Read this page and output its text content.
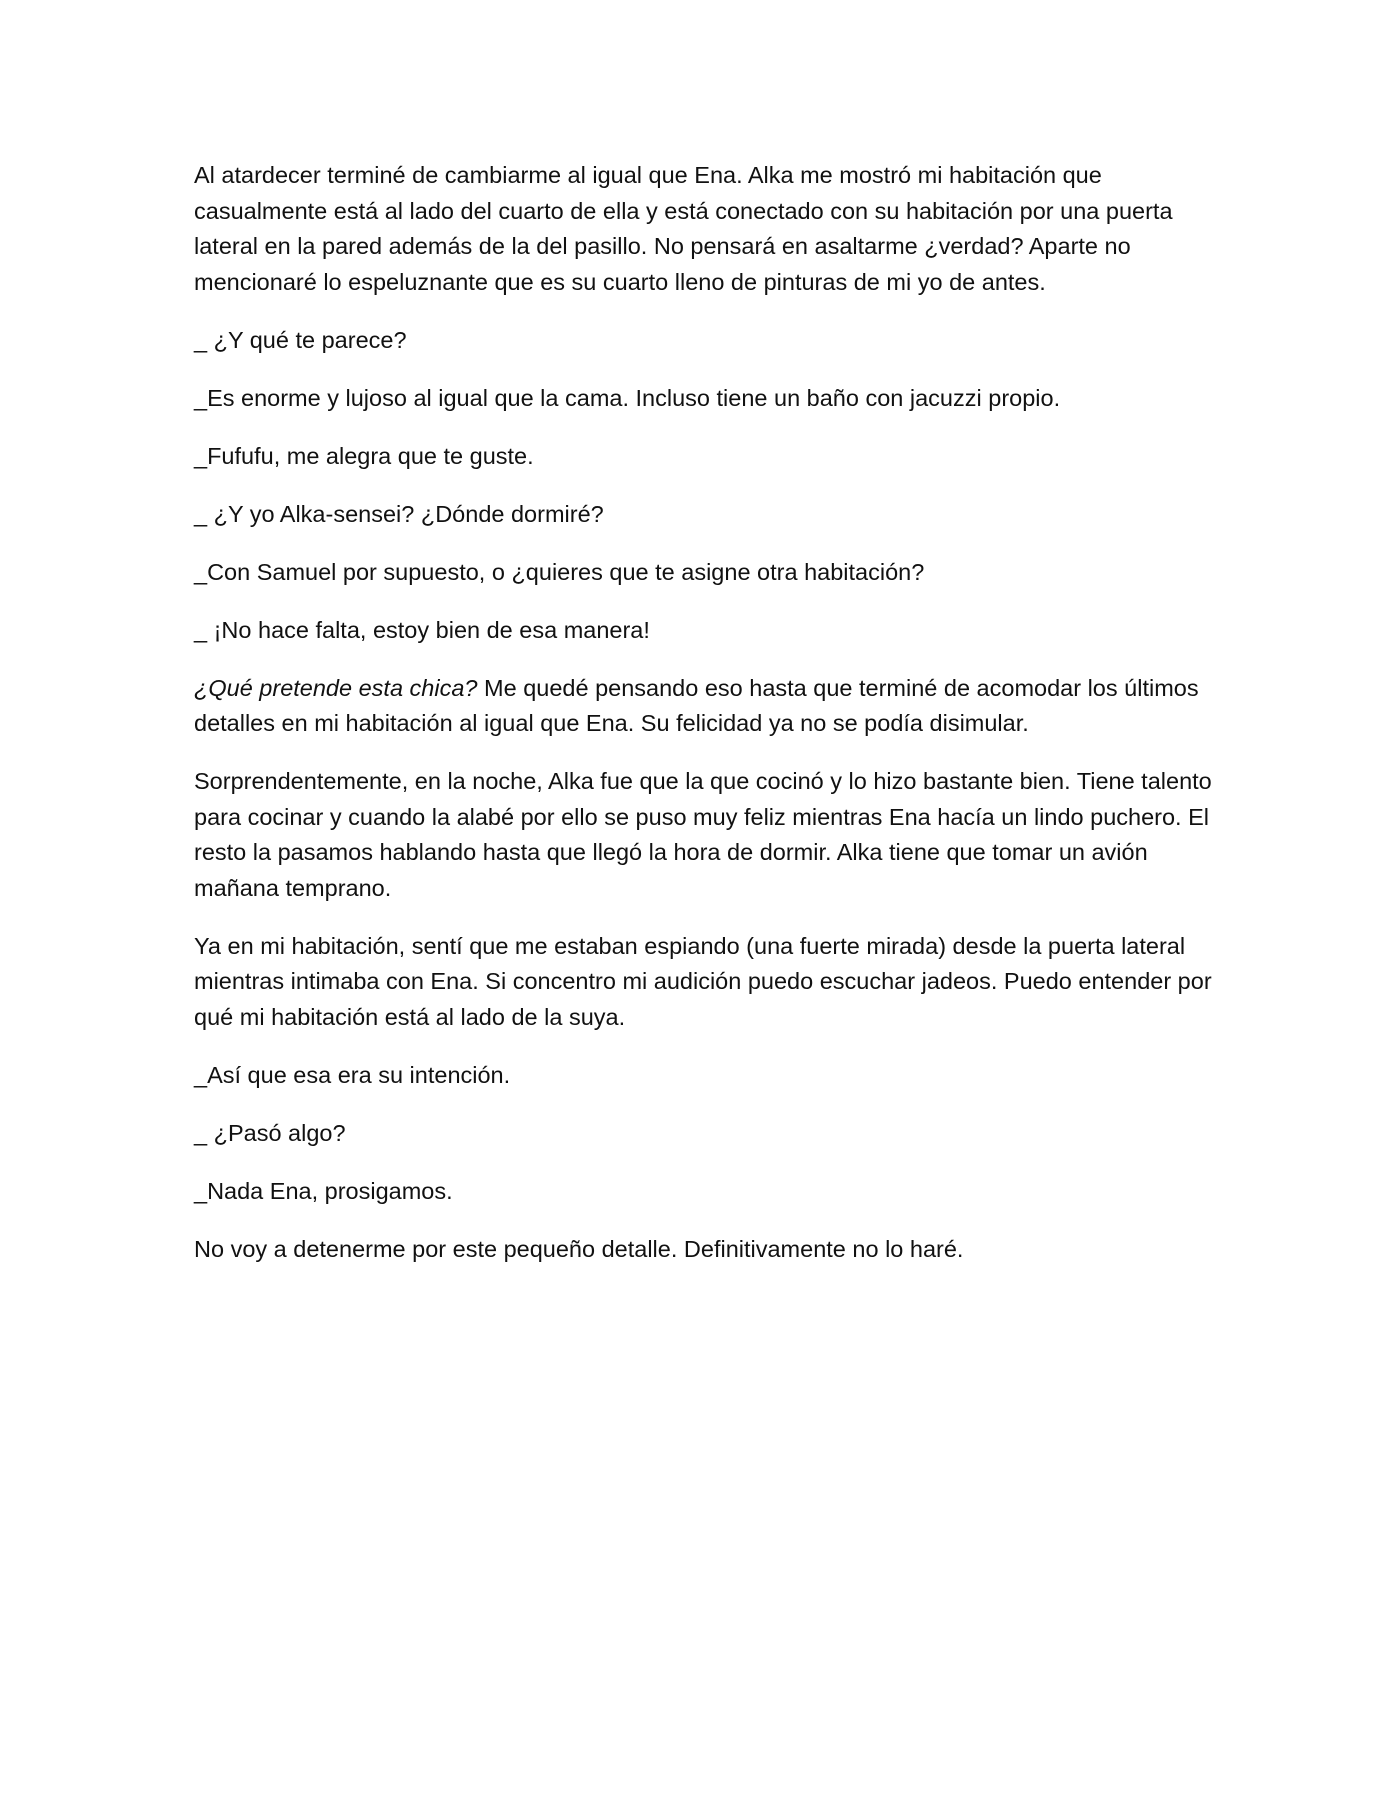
Al atardecer terminé de cambiarme al igual que Ena. Alka me mostró mi habitación que casualmente está al lado del cuarto de ella y está conectado con su habitación por una puerta lateral en la pared además de la del pasillo. No pensará en asaltarme ¿verdad? Aparte no mencionaré lo espeluznante que es su cuarto lleno de pinturas de mi yo de antes.

_ ¿Y qué te parece?

_Es enorme y lujoso al igual que la cama. Incluso tiene un baño con jacuzzi propio.

_Fufufu, me alegra que te guste.

_ ¿Y yo Alka-sensei? ¿Dónde dormiré?

_Con Samuel por supuesto, o ¿quieres que te asigne otra habitación?

_ ¡No hace falta, estoy bien de esa manera!

¿Qué pretende esta chica? Me quedé pensando eso hasta que terminé de acomodar los últimos detalles en mi habitación al igual que Ena. Su felicidad ya no se podía disimular.

Sorprendentemente, en la noche, Alka fue que la que cocinó y lo hizo bastante bien. Tiene talento para cocinar y cuando la alabé por ello se puso muy feliz mientras Ena hacía un lindo puchero. El resto la pasamos hablando hasta que llegó la hora de dormir. Alka tiene que tomar un avión mañana temprano.

Ya en mi habitación, sentí que me estaban espiando (una fuerte mirada) desde la puerta lateral mientras intimaba con Ena. Si concentro mi audición puedo escuchar jadeos. Puedo entender por qué mi habitación está al lado de la suya.

_Así que esa era su intención.

_ ¿Pasó algo?

_Nada Ena, prosigamos.

No voy a detenerme por este pequeño detalle. Definitivamente no lo haré.
